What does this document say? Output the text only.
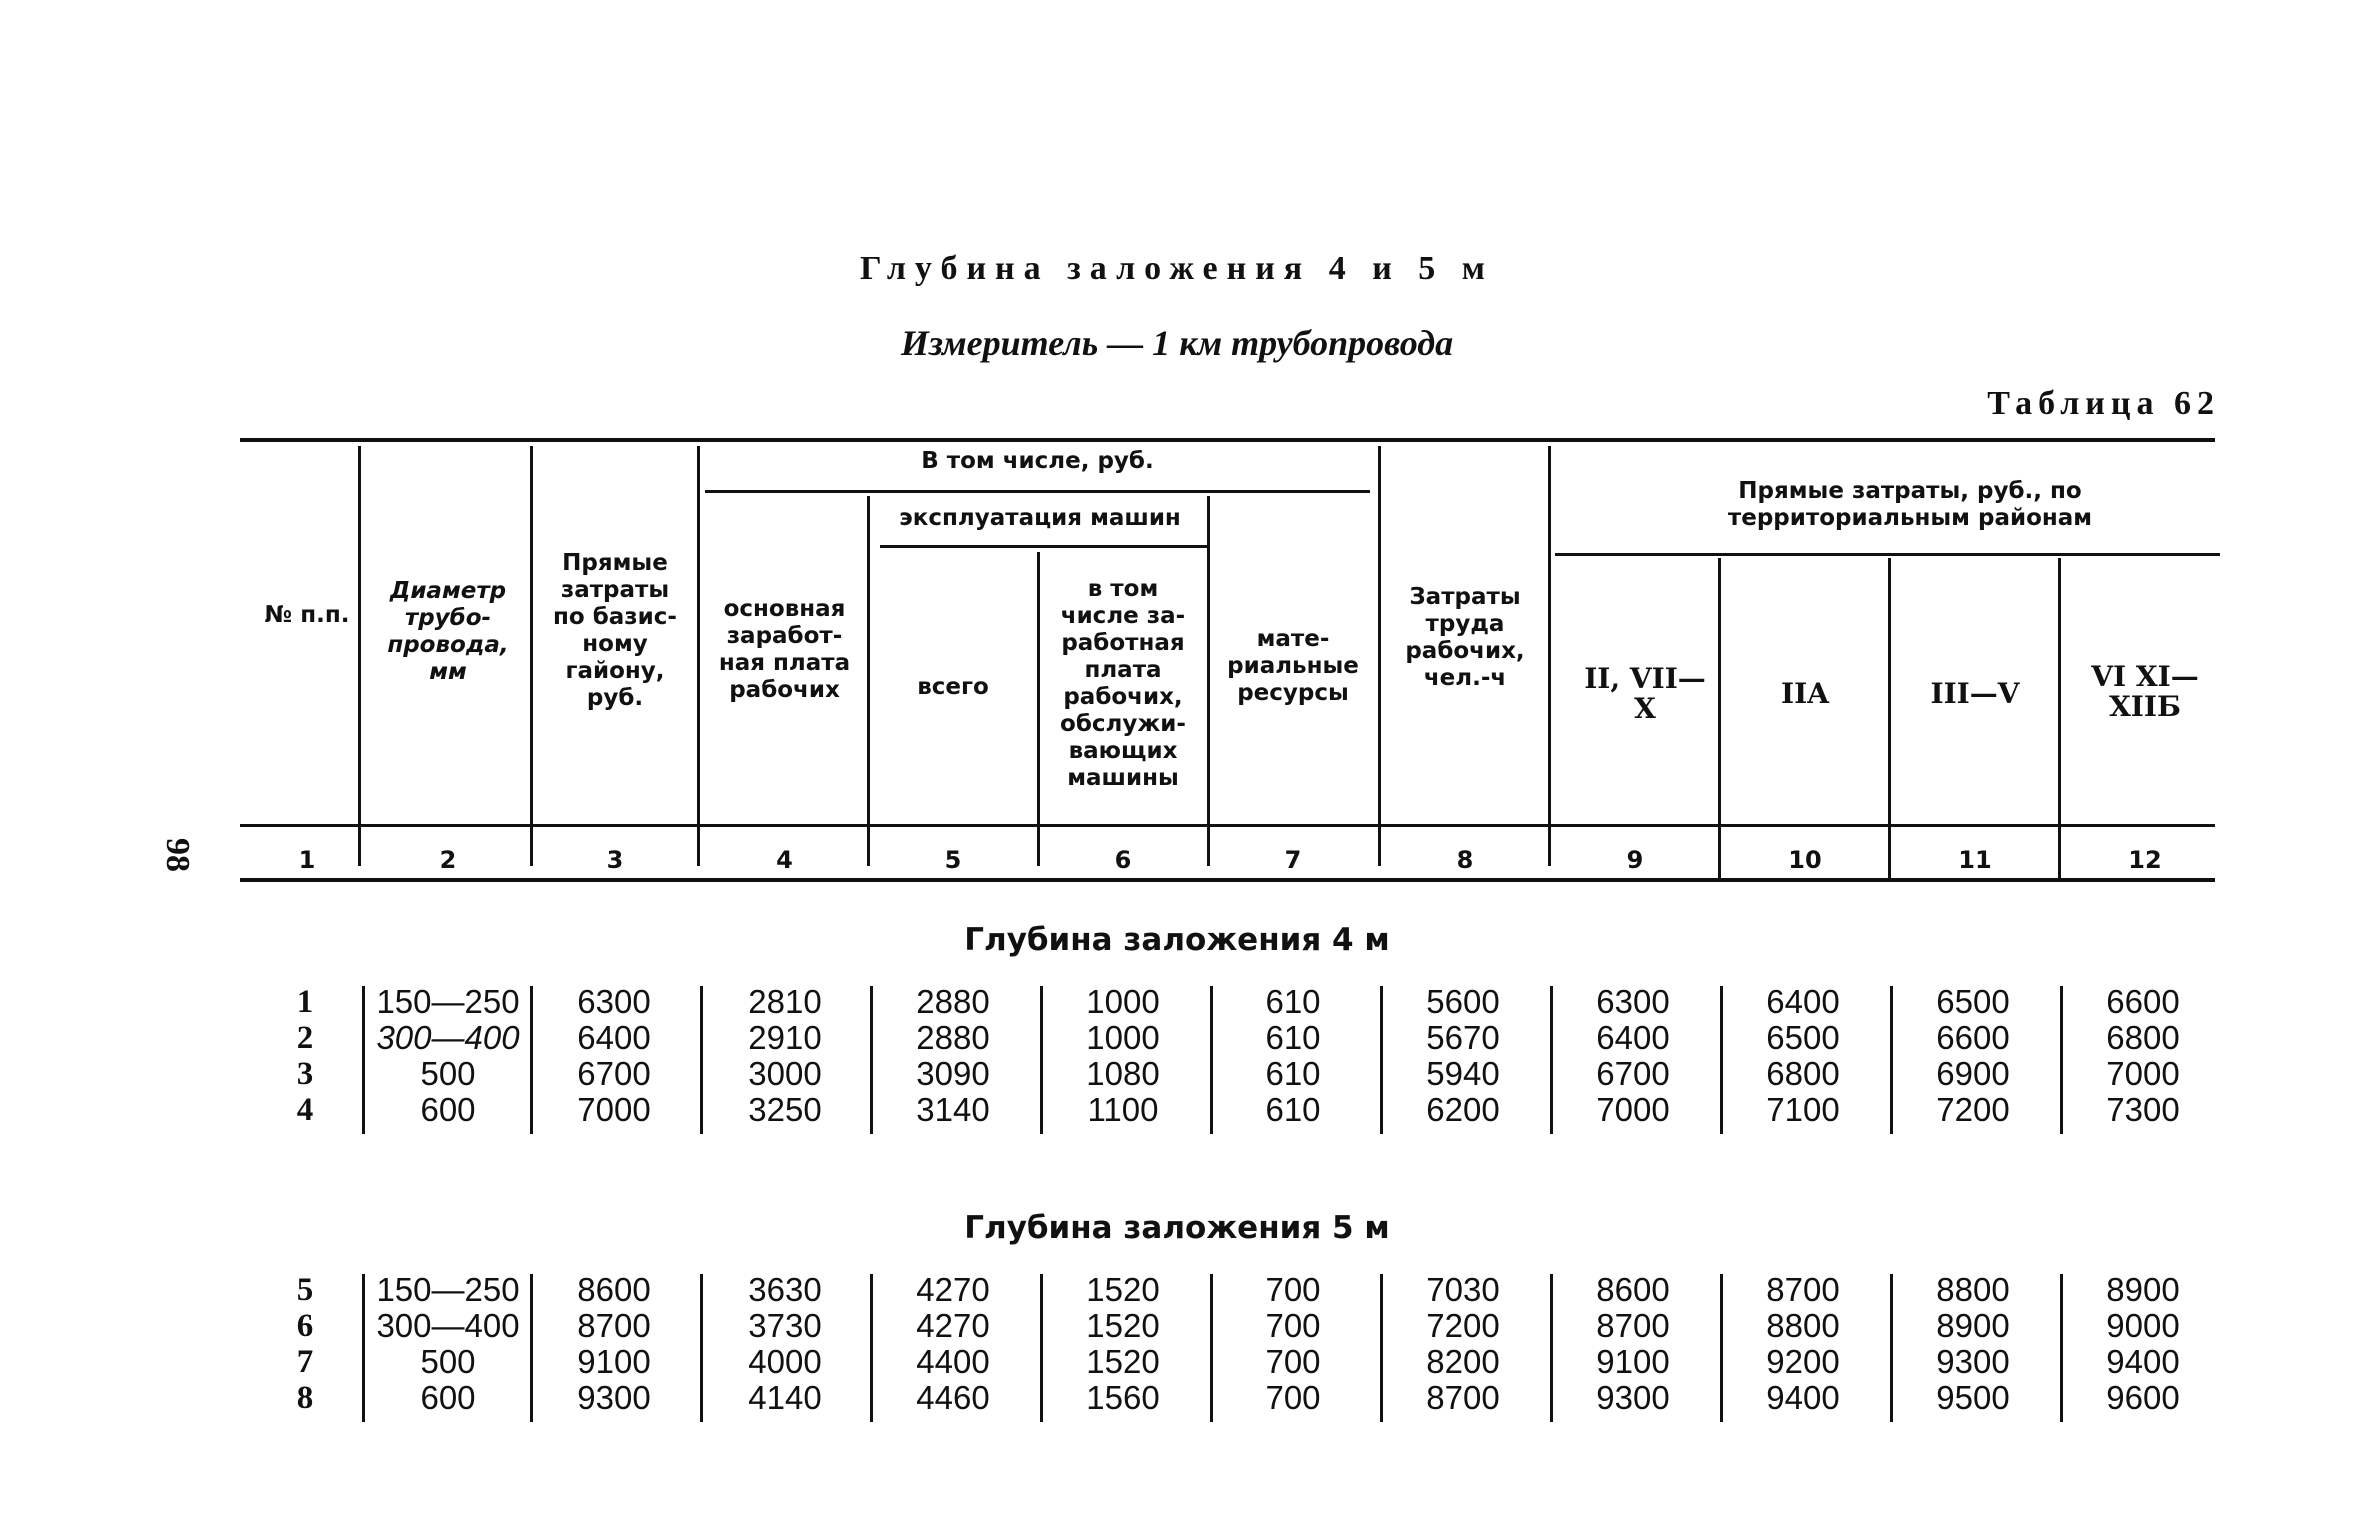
Глубина заложения 4 и 5 м
Измеритель — 1 км трубопровода
Таблица 62
98
№ п.п.
Диаметр трубо-провода, мм
Прямые затраты по базис-ному гайону, руб.
В том числе, руб.
эксплуатация машин
основная заработ-ная плата рабочих	всего
в том числе за-работная плата рабочих, обслужи-вающих машины
мате-риальные ресурсы
Затраты труда рабочих, чел.-ч
Прямые затраты, руб., по территориальным районам
II, VII—X	IIA	III—V
VI XI—XIIБ
1	2	3	4	5	6	7	8	9	10	11	12
Глубина заложения 4 м
Глубина заложения 5 м
1	150—250	6300	2810	2880	1000	610	5600	6300	6400	6500	6600
2	300—400	6400	2910	2880	1000	610	5670	6400	6500	6600	6800
3	500	6700	3000	3090	1080	610	5940	6700	6800	6900	7000
4	600	7000	3250	3140	1100	610	6200	7000	7100	7200	7300
5	150—250	8600	3630	4270	1520	700	7030	8600	8700	8800	8900
6	300—400	8700	3730	4270	1520	700	7200	8700	8800	8900	9000
7	500	9100	4000	4400	1520	700	8200	9100	9200	9300	9400
8	600	9300	4140	4460	1560	700	8700	9300	9400	9500	9600
